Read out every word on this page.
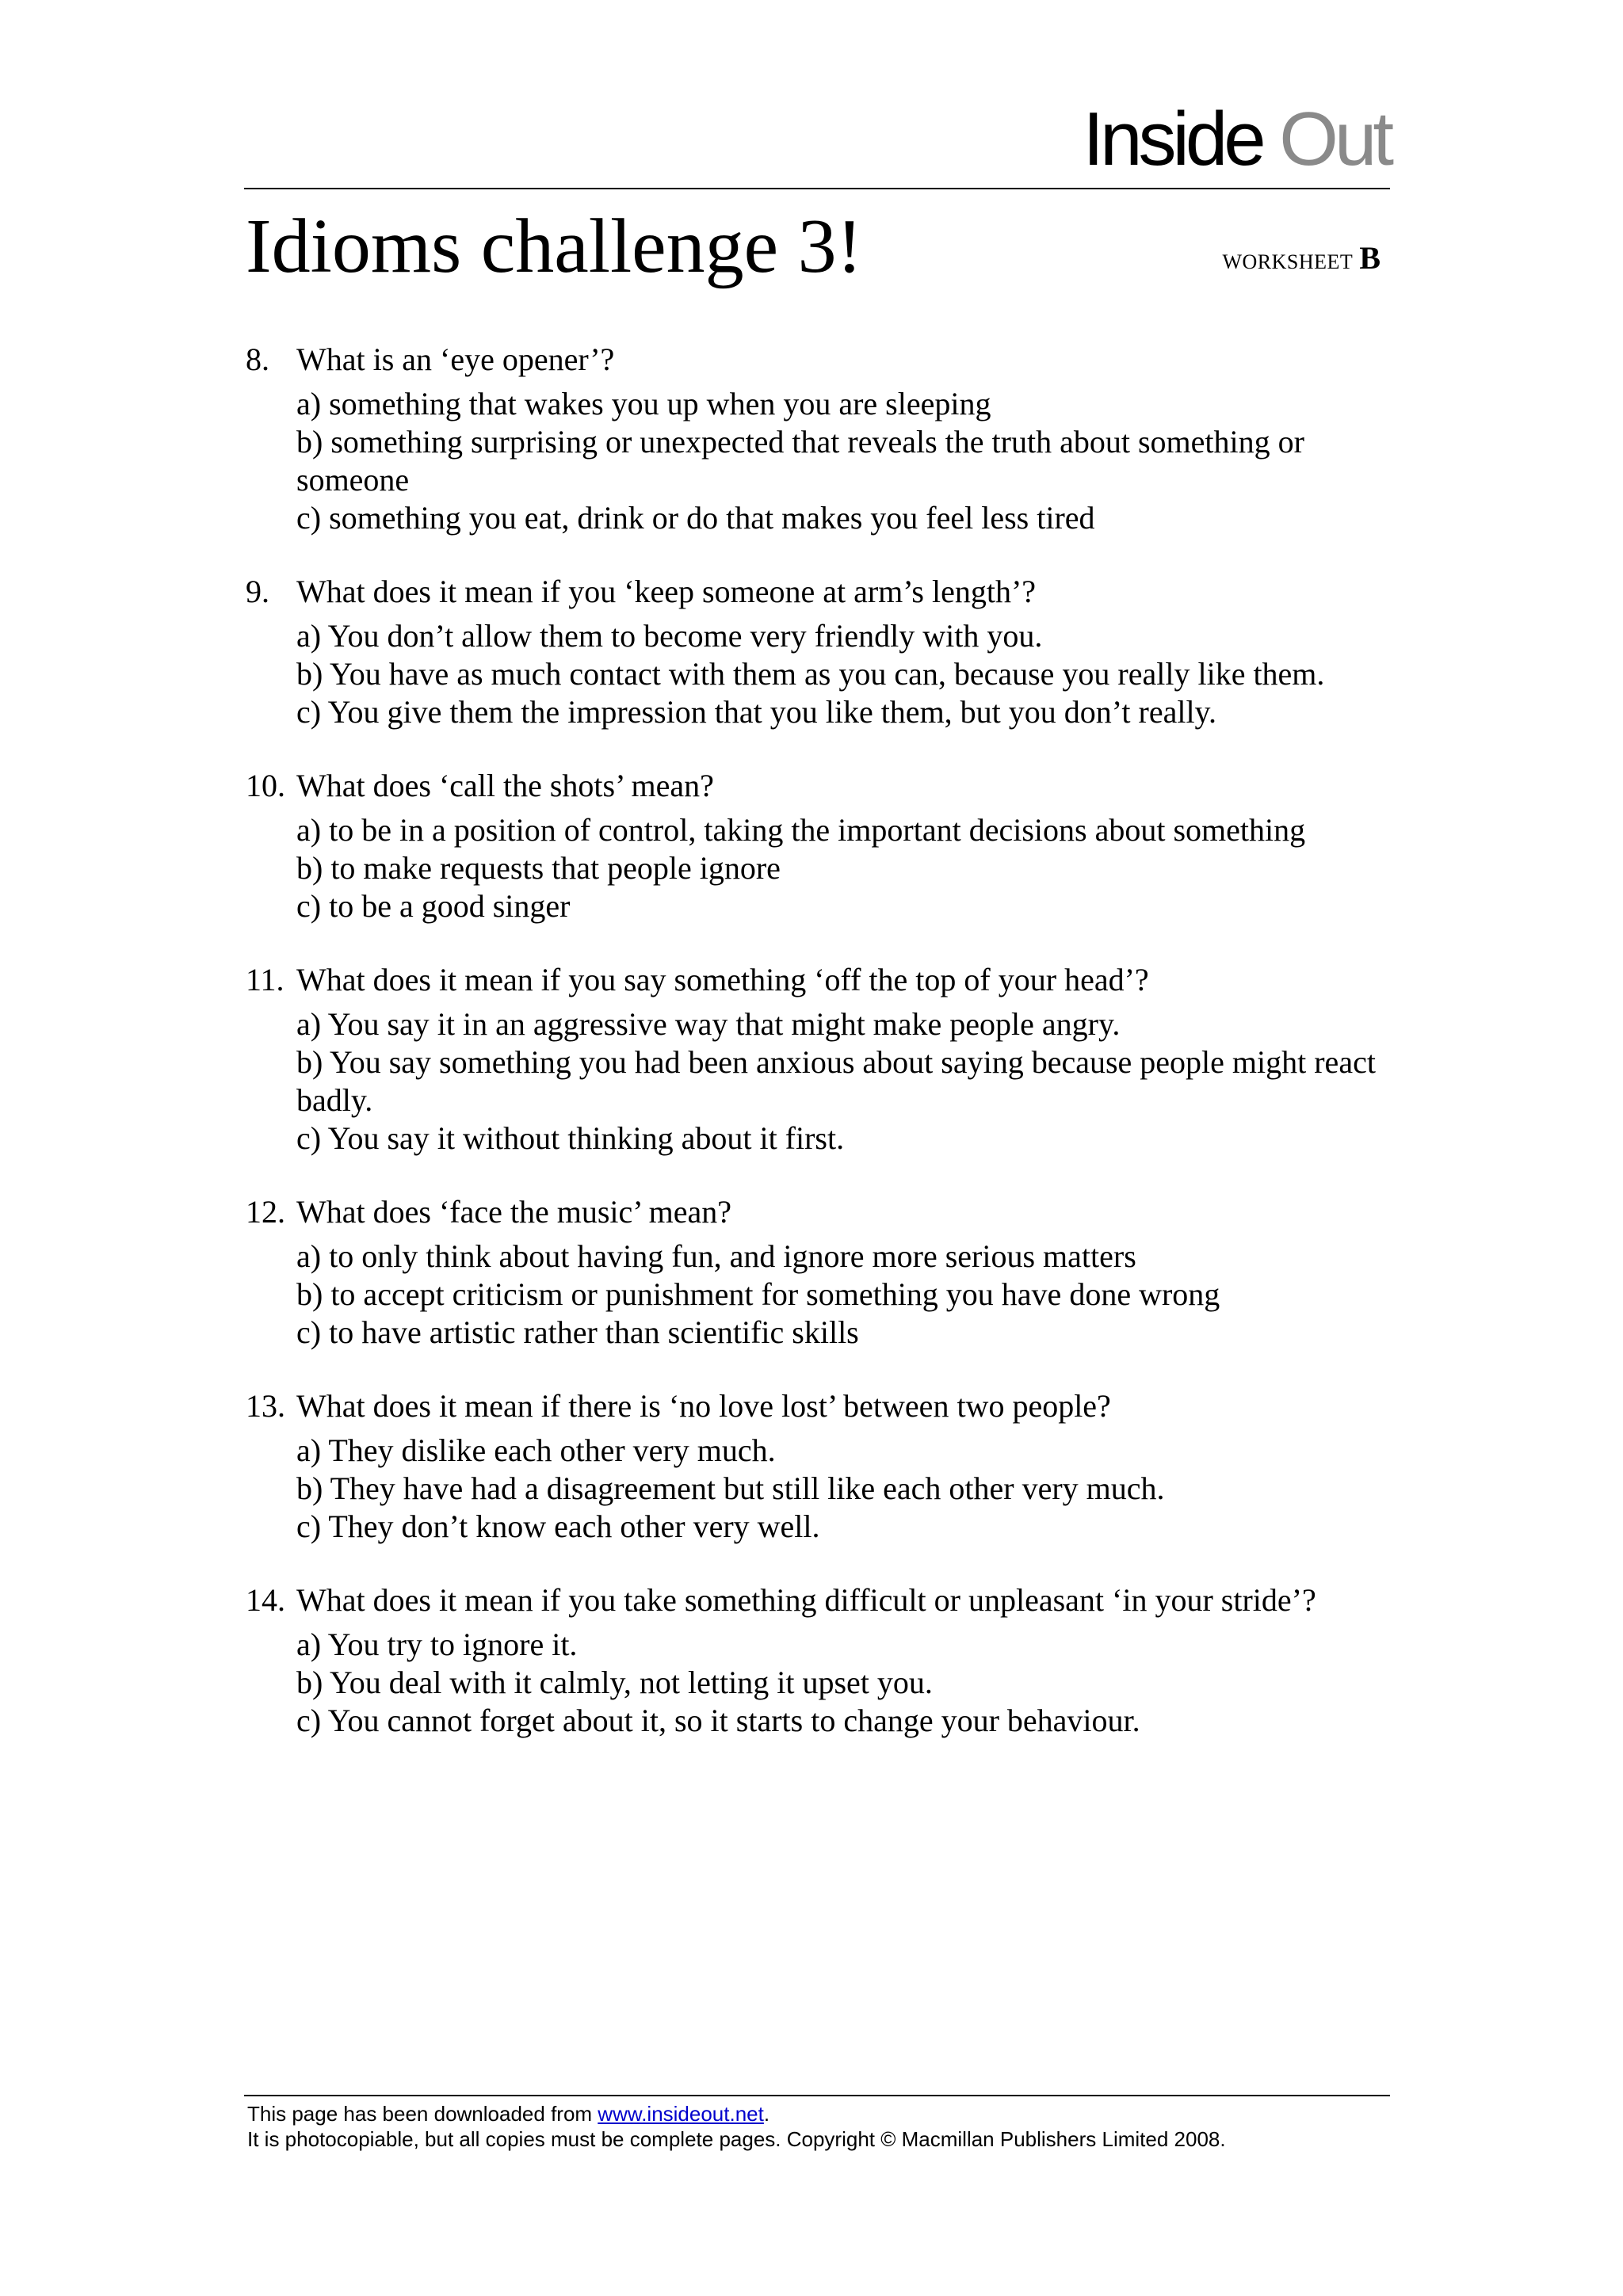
Inside Out
Idioms challenge 3!	WORKSHEET B
8. What is an ‘eye opener’?
a) something that wakes you up when you are sleeping
b) something surprising or unexpected that reveals the truth about something or someone
c) something you eat, drink or do that makes you feel less tired
9. What does it mean if you ‘keep someone at arm’s length’?
a) You don’t allow them to become very friendly with you.
b) You have as much contact with them as you can, because you really like them.
c) You give them the impression that you like them, but you don’t really.
10. What does ‘call the shots’ mean?
a) to be in a position of control, taking the important decisions about something
b) to make requests that people ignore
c) to be a good singer
11. What does it mean if you say something ‘off the top of your head’?
a) You say it in an aggressive way that might make people angry.
b) You say something you had been anxious about saying because people might react badly.
c) You say it without thinking about it first.
12. What does ‘face the music’ mean?
a) to only think about having fun, and ignore more serious matters
b) to accept criticism or punishment for something you have done wrong
c) to have artistic rather than scientific skills
13. What does it mean if there is ‘no love lost’ between two people?
a) They dislike each other very much.
b) They have had a disagreement but still like each other very much.
c) They don’t know each other very well.
14. What does it mean if you take something difficult or unpleasant ‘in your stride’?
a) You try to ignore it.
b) You deal with it calmly, not letting it upset you.
c) You cannot forget about it, so it starts to change your behaviour.
This page has been downloaded from www.insideout.net.
It is photocopiable, but all copies must be complete pages. Copyright © Macmillan Publishers Limited 2008.
